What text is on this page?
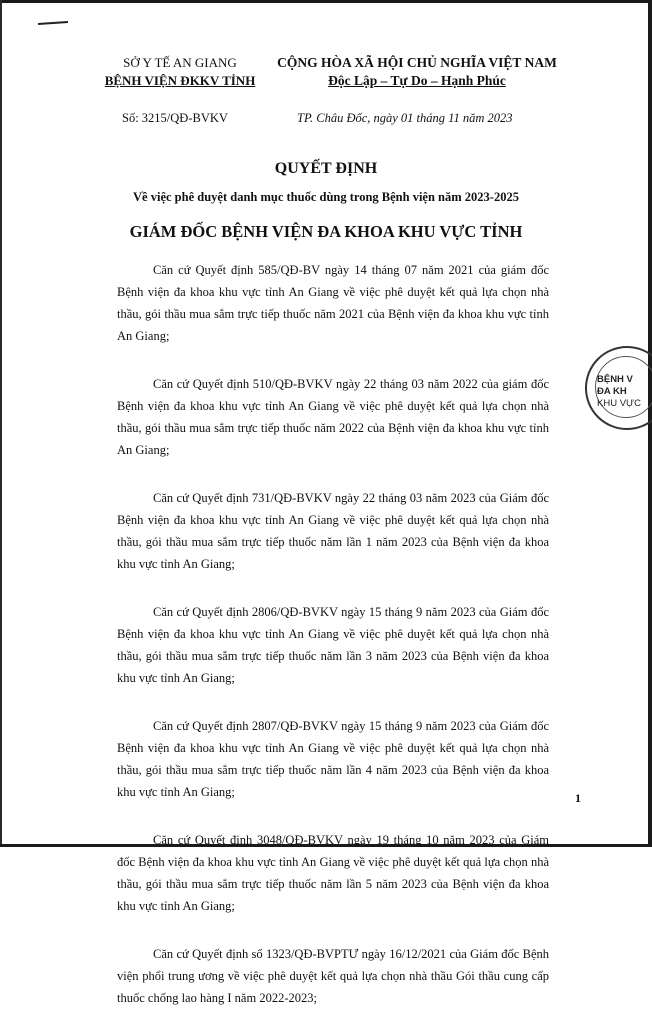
SỞ Y TẾ AN GIANG
BỆNH VIỆN ĐKKV TỈNH
CỘNG HÒA XÃ HỘI CHỦ NGHĨA VIỆT NAM
Độc Lập – Tự Do – Hạnh Phúc
Số: 3215/QĐ-BVKV	TP. Châu Đốc, ngày 01 tháng 11 năm 2023
QUYẾT ĐỊNH
Về việc phê duyệt danh mục thuốc dùng trong Bệnh viện năm 2023-2025
GIÁM ĐỐC BỆNH VIỆN ĐA KHOA KHU VỰC TỈNH

Căn cứ Quyết định 585/QĐ-BV ngày 14 tháng 07 năm 2021 của giám đốc Bệnh viện đa khoa khu vực tỉnh An Giang về việc phê duyệt kết quả lựa chọn nhà thầu, gói thầu mua sắm trực tiếp thuốc năm 2021 của Bệnh viện đa khoa khu vực tỉnh An Giang;

Căn cứ Quyết định 510/QĐ-BVKV ngày 22 tháng 03 năm 2022 của giám đốc Bệnh viện đa khoa khu vực tỉnh An Giang về việc phê duyệt kết quả lựa chọn nhà thầu, gói thầu mua sắm trực tiếp thuốc năm 2022 của Bệnh viện đa khoa khu vực tỉnh An Giang;

Căn cứ Quyết định 731/QĐ-BVKV ngày 22 tháng 03 năm 2023 của Giám đốc Bệnh viện đa khoa khu vực tỉnh An Giang về việc phê duyệt kết quả lựa chọn nhà thầu, gói thầu mua sắm trực tiếp thuốc năm lần 1 năm 2023 của Bệnh viện đa khoa khu vực tỉnh An Giang;

Căn cứ Quyết định 2806/QĐ-BVKV ngày 15 tháng 9 năm 2023 của Giám đốc Bệnh viện đa khoa khu vực tỉnh An Giang về việc phê duyệt kết quả lựa chọn nhà thầu, gói thầu mua sắm trực tiếp thuốc năm lần 3 năm 2023 của Bệnh viện đa khoa khu vực tỉnh An Giang;

Căn cứ Quyết định 2807/QĐ-BVKV ngày 15 tháng 9 năm 2023 của Giám đốc Bệnh viện đa khoa khu vực tỉnh An Giang về việc phê duyệt kết quả lựa chọn nhà thầu, gói thầu mua sắm trực tiếp thuốc năm lần 4 năm 2023 của Bệnh viện đa khoa khu vực tỉnh An Giang;

Căn cứ Quyết định 3048/QĐ-BVKV ngày 19 tháng 10 năm 2023 của Giám đốc Bệnh viện đa khoa khu vực tỉnh An Giang về việc phê duyệt kết quả lựa chọn nhà thầu, gói thầu mua sắm trực tiếp thuốc năm lần 5 năm 2023 của Bệnh viện đa khoa khu vực tỉnh An Giang;

Căn cứ Quyết định số 1323/QĐ-BVPTƯ ngày 16/12/2021 của Giám đốc Bệnh viện phổi trung ương về việc phê duyệt kết quả lựa chọn nhà thầu Gói thầu cung cấp thuốc chống lao hàng I năm 2022-2023;

BỆNH V
ĐA KH
KHU VỰC
1
